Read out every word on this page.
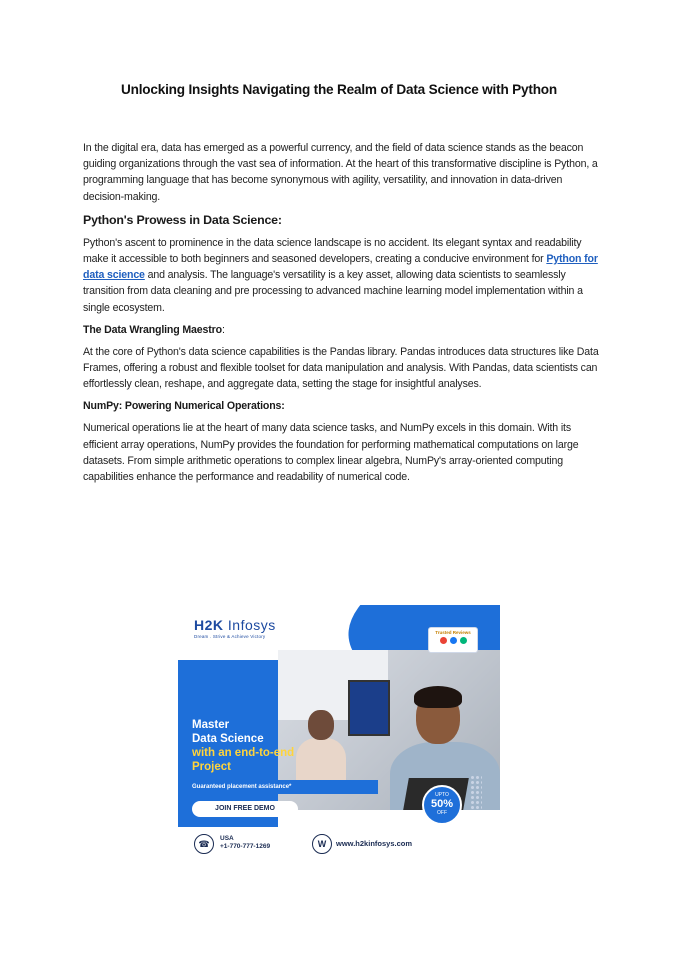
Unlocking Insights Navigating the Realm of Data Science with Python

In the digital era, data has emerged as a powerful currency, and the field of data science stands as the beacon guiding organizations through the vast sea of information. At the heart of this transformative discipline is Python, a programming language that has become synonymous with agility, versatility, and innovation in data-driven decision-making.

Python's Prowess in Data Science:

Python's ascent to prominence in the data science landscape is no accident. Its elegant syntax and readability make it accessible to both beginners and seasoned developers, creating a conducive environment for Python for data science and analysis. The language's versatility is a key asset, allowing data scientists to seamlessly transition from data cleaning and pre processing to advanced machine learning model implementation within a single ecosystem.

The Data Wrangling Maestro:

At the core of Python's data science capabilities is the Pandas library. Pandas introduces data structures like Data Frames, offering a robust and flexible toolset for data manipulation and analysis. With Pandas, data scientists can effortlessly clean, reshape, and aggregate data, setting the stage for insightful analyses.

NumPy: Powering Numerical Operations:

Numerical operations lie at the heart of many data science tasks, and NumPy excels in this domain. With its efficient array operations, NumPy provides the foundation for performing mathematical computations on large datasets. From simple arithmetic operations to complex linear algebra, NumPy's array-oriented computing capabilities enhance the performance and readability of numerical code.

H2K Infosys
Dream . Strive & Achieve Victory
Trusted Reviews
Master
Data Science
with an end-to-end
Project
Guaranteed placement assistance*
JOIN FREE DEMO
UPTO
50%
OFF
☎
USA
+1-770-777-1269	W	www.h2kinfosys.com
